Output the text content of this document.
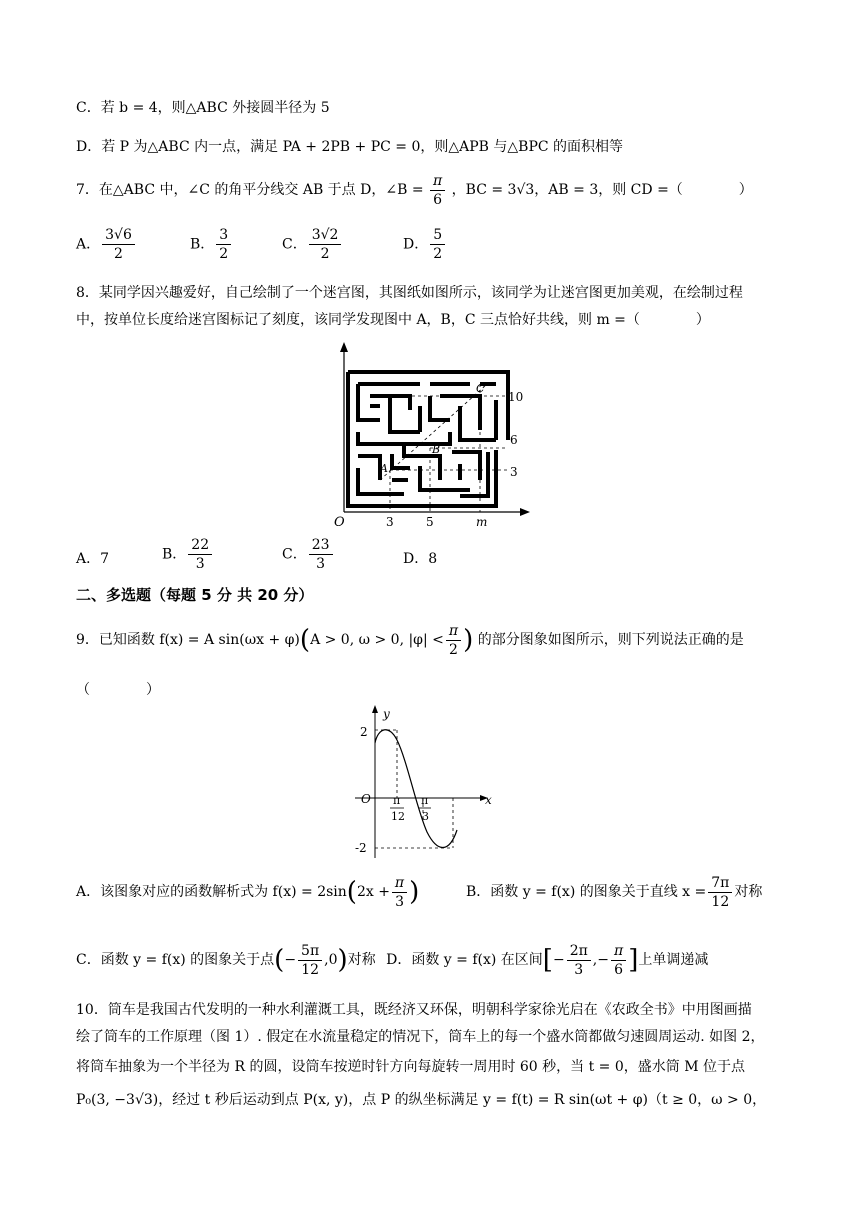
C．若 b = 4，则△ABC 外接圆半径为 5
D．若 P 为△ABC 内一点，满足 PA + 2PB + PC = 0，则△APB 与△BPC 的面积相等
7．在△ABC 中，∠C 的角平分线交 AB 于点 D，∠B = $\frac{\pi}{6}$ ，BC = 3√3，AB = 3，则 CD =（　　　　）
A． $\frac{3√6}{2}$	B． $\frac{3}{2}$	C． $\frac{3√2}{2}$	D． $\frac{5}{2}$
8．某同学因兴趣爱好，自己绘制了一个迷宫图，其图纸如图所示，该同学为让迷宫图更加美观，在绘制过程
中，按单位长度给迷宫图标记了刻度，该同学发现图中 A，B，C 三点恰好共线，则 m =（　　　　）
O	3	5	m
3
6
10
A
B
C
A．7	B． $\frac{22}{3}$	C． $\frac{23}{3}$	D．8
二、多选题（每题 5 分 共 20 分）
9．已知函数 f(x) = A sin(ωx + φ)(A > 0, ω > 0, $|\varphi| < \frac{\pi}{2}$ ) 的部分图象如图所示，则下列说法正确的是
（　　　　）
y
x
2
-2
O π
12
π
3
A．该图象对应的函数解析式为 $f(x) = 2\sin(2x + \frac{\pi}{3}$ )	B．函数 y = f(x) 的图象关于直线 $x = \frac{7\pi}{12}$ 对称
C．函数 y = f(x) 的图象关于点(− $\frac{5\pi}{12} ,0$)对称 D．函数 y = f(x) 在区间[− $\frac{2\pi}{3}$ ,− $\frac{\pi}{6}$ ]上单调递减
10．筒车是我国古代发明的一种水利灌溉工具，既经济又环保，明朝科学家徐光启在《农政全书》中用图画描
绘了筒车的工作原理（图 1）. 假定在水流量稳定的情况下，筒车上的每一个盛水筒都做匀速圆周运动. 如图 2，
将筒车抽象为一个半径为 R 的圆，设筒车按逆时针方向每旋转一周用时 60 秒，当 t = 0，盛水筒 M 位于点
P₀(3, −3√3)，经过 t 秒后运动到点 P(x, y)，点 P 的纵坐标满足 y = f(t) = R sin(ωt + φ)（t ≥ 0，ω > 0，
